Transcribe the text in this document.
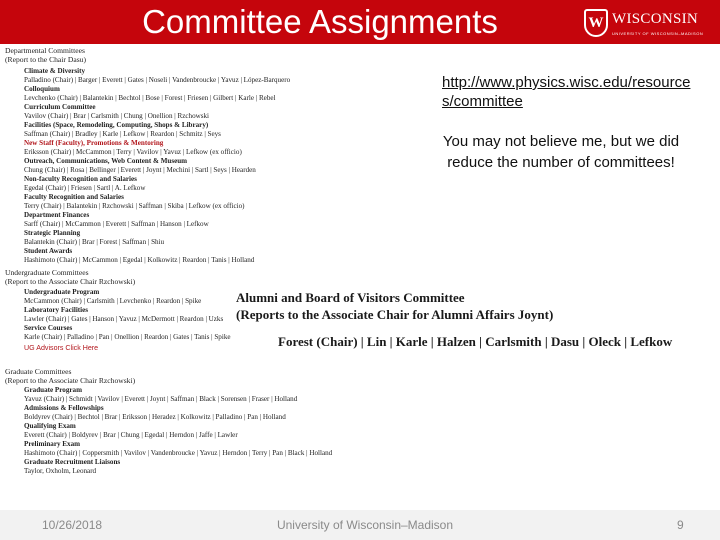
Committee Assignments	W WISCONSIN
UNIVERSITY OF WISCONSIN–MADISON
Alumni and Board of Visitors Committee
(Reports to the Associate Chair for Alumni Affairs Joynt)
Forest (Chair) | Lin | Karle | Halzen | Carlsmith | Dasu | Oleck | Lefkow
Departmental Committees
(Report to the Chair Dasu)
Climate & Diversity
Palladino (Chair) | Barger | Everett | Gates | Noseli | Vandenbroucke | Yavuz | López-Barquero
Colloquium
Levchenko (Chair) | Balantekin | Bechtol | Bose | Forest | Friesen | Gilbert | Karle | Rebel
Curriculum Committee
Vavilov (Chair) | Brar | Carlsmith | Chung | Onellion | Rzchowski
Facilities (Space, Remodeling, Computing, Shops & Library)
Saffman (Chair) | Bradley | Karle | Lefkow | Reardon | Schmitz | Seys
New Staff (Faculty), Promotions & Mentoring
Eriksson (Chair) | McCammon | Terry | Vavilov | Yavuz | Lefkow (ex officio)
Outreach, Communications, Web Content & Museum
Chung (Chair) | Rosa | Bellinger | Everett | Joynt | Mechini | Sartl | Seys | Hearden
Non-faculty Recognition and Salaries
Egedal (Chair) | Friesen | Sartl | A. Lefkow
Faculty Recognition and Salaries
Terry (Chair) | Balantekin | Rzchowski | Saffman | Skiba | Lefkow (ex officio)
Department Finances
Sarff (Chair) | McCammon | Everett | Saffman | Hanson | Lefkow
Strategic Planning
Balantekin (Chair) | Brar | Forest | Saffman | Shiu
Student Awards
Hashimoto (Chair) | McCammon | Egedal | Kolkowitz | Reardon | Tanis | Holland
Undergraduate Committees
(Report to the Associate Chair Rzchowski)
Undergraduate Program
McCammon (Chair) | Carlsmith | Levchenko | Reardon | Spike
Laboratory Facilities
Lawler (Chair) | Gates | Hanson | Yavuz | McDermott | Reardon | Uzks
Service Courses
Karle (Chair) | Palladino | Pan | Onellion | Reardon | Gates | Tanis | Spike
UG Advisors Click Here
Graduate Committees
(Report to the Associate Chair Rzchowski)
Graduate Program
Yavuz (Chair) | Schmidt | Vavilov | Everett | Joynt | Saffman | Black | Sorensen | Fraser | Holland
Admissions & Fellowships
Boldyrev (Chair) | Bechtol | Brar | Eriksson | Heradez | Kolkowitz | Palladino | Pan | Holland
Qualifying Exam
Everett (Chair) | Boldyrev | Brar | Chung | Egedal | Herndon | Jaffe | Lawler
Preliminary Exam
Hashimoto (Chair) | Coppersmith | Vavilov | Vandenbroucke | Yavuz | Herndon | Terry | Pan | Black | Holland
Graduate Recruitment Liaisons
Taylor, Oxholm, Leonard
http://www.physics.wisc.edu/resources/committee
You may not believe me, but we did reduce the number of committees!
10/26/2018	University of Wisconsin–Madison	9
